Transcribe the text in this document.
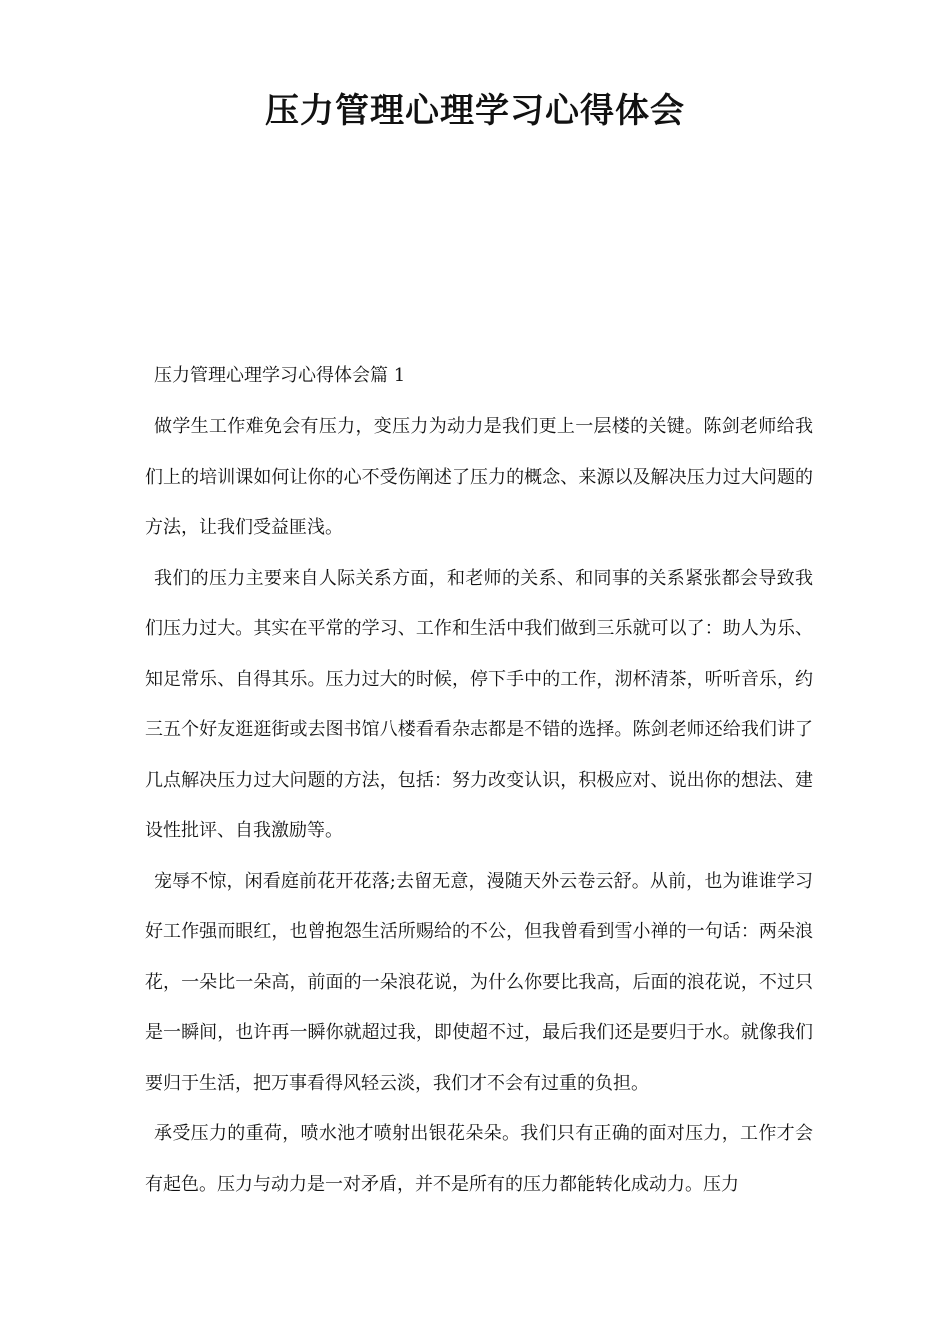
压力管理心理学习心得体会

压力管理心理学习心得体会篇 1

做学生工作难免会有压力，变压力为动力是我们更上一层楼的关键。陈剑老师给我们上的培训课如何让你的心不受伤阐述了压力的概念、来源以及解决压力过大问题的方法，让我们受益匪浅。

我们的压力主要来自人际关系方面，和老师的关系、和同事的关系紧张都会导致我们压力过大。其实在平常的学习、工作和生活中我们做到三乐就可以了：助人为乐、知足常乐、自得其乐。压力过大的时候，停下手中的工作，沏杯清茶，听听音乐，约三五个好友逛逛街或去图书馆八楼看看杂志都是不错的选择。陈剑老师还给我们讲了几点解决压力过大问题的方法，包括：努力改变认识，积极应对、说出你的想法、建设性批评、自我激励等。

宠辱不惊，闲看庭前花开花落;去留无意，漫随天外云卷云舒。从前，也为谁谁学习好工作强而眼红，也曾抱怨生活所赐给的不公，但我曾看到雪小禅的一句话：两朵浪花，一朵比一朵高，前面的一朵浪花说，为什么你要比我高，后面的浪花说，不过只是一瞬间，也许再一瞬你就超过我，即使超不过，最后我们还是要归于水。就像我们要归于生活，把万事看得风轻云淡，我们才不会有过重的负担。

承受压力的重荷，喷水池才喷射出银花朵朵。我们只有正确的面对压力，工作才会有起色。压力与动力是一对矛盾，并不是所有的压力都能转化成动力。压力
